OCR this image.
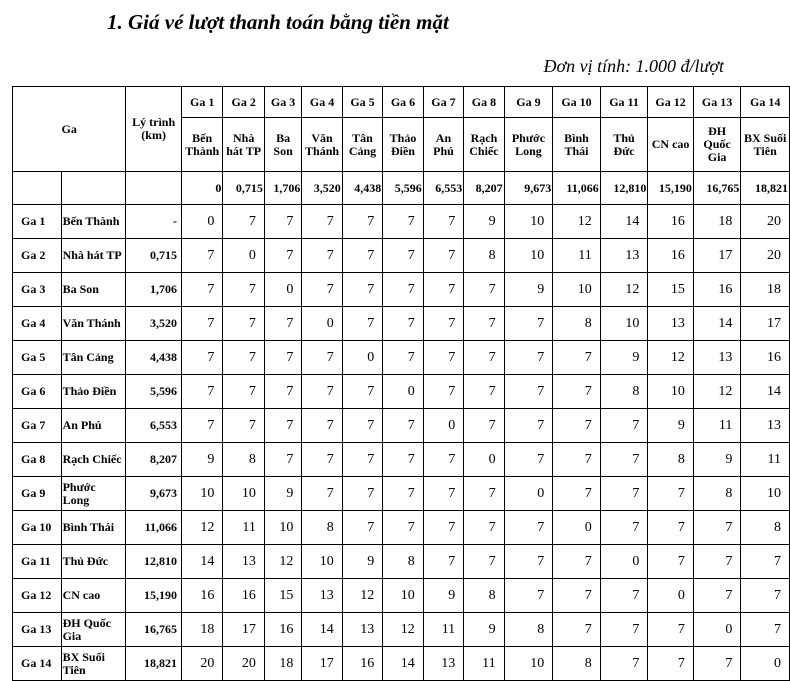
1. Giá vé lượt thanh toán bằng tiền mặt
Đơn vị tính: 1.000 đ/lượt
Ga		Lý trình (km)	Ga 1	Ga 2	Ga 3	Ga 4	Ga 5	Ga 6	Ga 7	Ga 8	Ga 9	Ga 10	Ga 11	Ga 12	Ga 13	Ga 14
			Bến Thành	Nhà hát TP	Ba Son	Văn Thánh	Tân Cảng	Thảo Điền	An Phú	Rạch Chiếc	Phước Long	Bình Thái	Thủ Đức	CN cao	ĐH Quốc Gia	BX Suối Tiên
			0	0,715	1,706	3,520	4,438	5,596	6,553	8,207	9,673	11,066	12,810	15,190	16,765	18,821
Ga 1	Bến Thành	-	0	7	7	7	7	7	7	9	10	12	14	16	18	20
Ga 2	Nhà hát TP	0,715	7	0	7	7	7	7	7	8	10	11	13	16	17	20
Ga 3	Ba Son	1,706	7	7	0	7	7	7	7	7	9	10	12	15	16	18
Ga 4	Văn Thánh	3,520	7	7	7	0	7	7	7	7	7	8	10	13	14	17
Ga 5	Tân Cảng	4,438	7	7	7	7	0	7	7	7	7	7	9	12	13	16
Ga 6	Thảo Điền	5,596	7	7	7	7	7	0	7	7	7	7	8	10	12	14
Ga 7	An Phú	6,553	7	7	7	7	7	7	0	7	7	7	7	9	11	13
Ga 8	Rạch Chiếc	8,207	9	8	7	7	7	7	7	0	7	7	7	8	9	11
Ga 9	Phước Long	9,673	10	10	9	7	7	7	7	7	0	7	7	7	8	10
Ga 10	Bình Thái	11,066	12	11	10	8	7	7	7	7	7	0	7	7	7	8
Ga 11	Thủ Đức	12,810	14	13	12	10	9	8	7	7	7	7	0	7	7	7
Ga 12	CN cao	15,190	16	16	15	13	12	10	9	8	7	7	7	0	7	7
Ga 13	ĐH Quốc Gia	16,765	18	17	16	14	13	12	11	9	8	7	7	7	0	7
Ga 14	BX Suối Tiên	18,821	20	20	18	17	16	14	13	11	10	8	7	7	7	0
